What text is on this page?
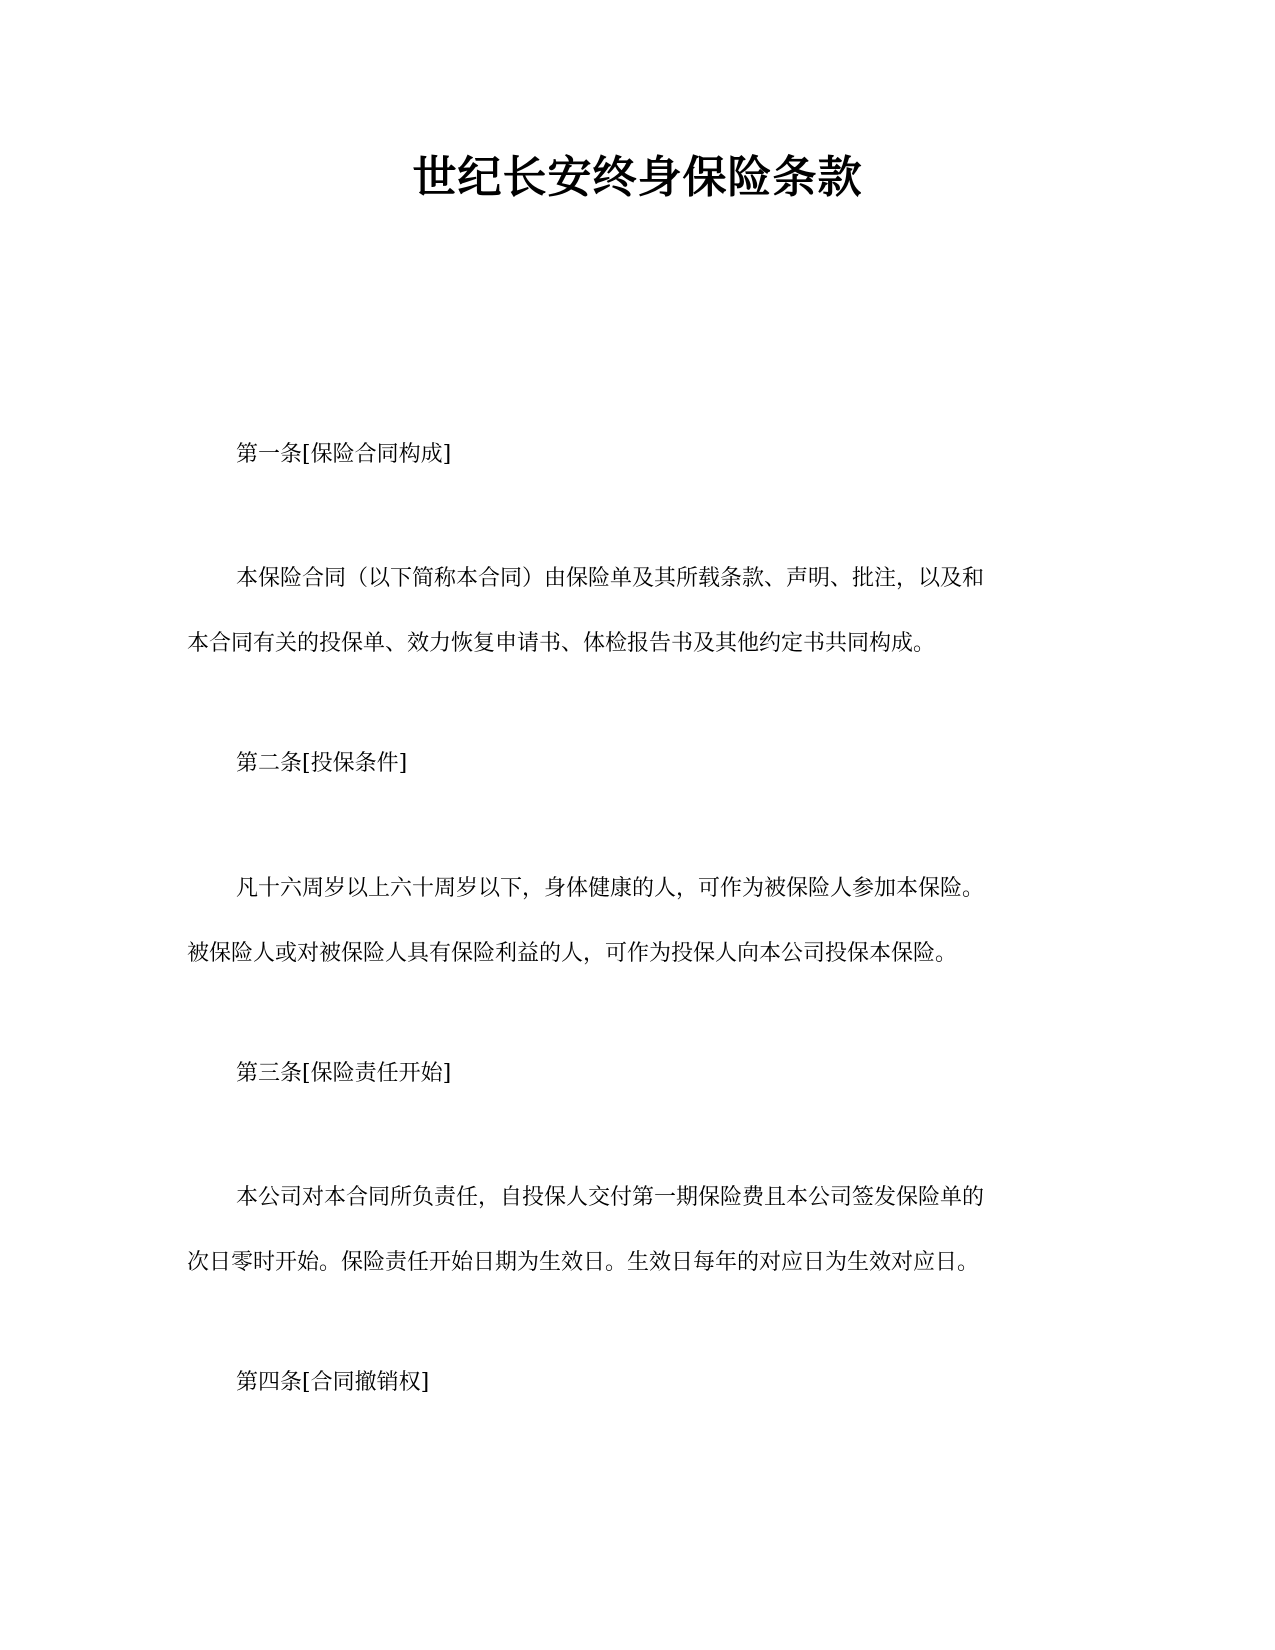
世纪长安终身保险条款

第一条[保险合同构成]

本保险合同（以下简称本合同）由保险单及其所载条款、声明、批注，以及和
本合同有关的投保单、效力恢复申请书、体检报告书及其他约定书共同构成。

第二条[投保条件]

凡十六周岁以上六十周岁以下，身体健康的人，可作为被保险人参加本保险。
被保险人或对被保险人具有保险利益的人，可作为投保人向本公司投保本保险。

第三条[保险责任开始]

本公司对本合同所负责任，自投保人交付第一期保险费且本公司签发保险单的
次日零时开始。保险责任开始日期为生效日。生效日每年的对应日为生效对应日。

第四条[合同撤销权]
